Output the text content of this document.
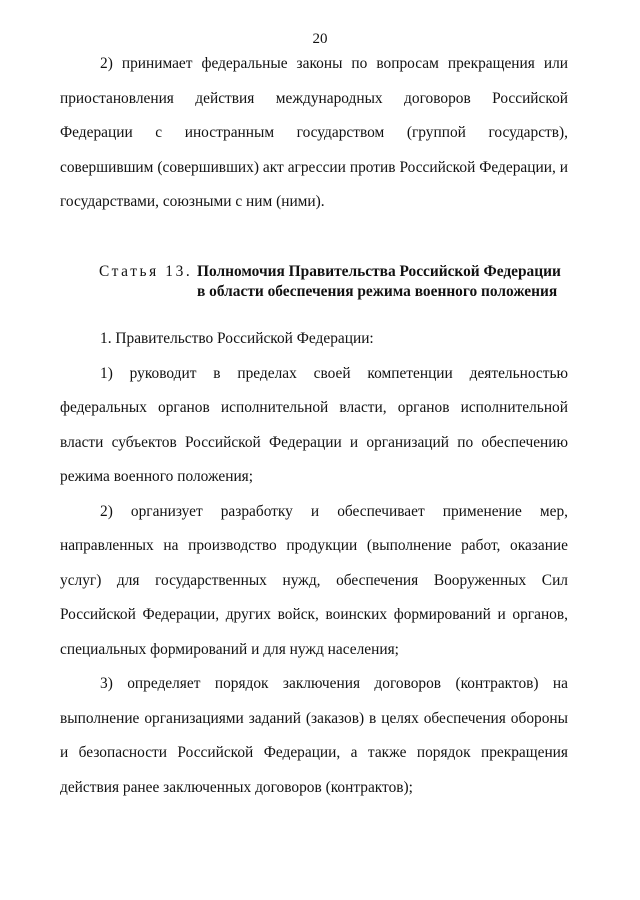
20

2) принимает федеральные законы по вопросам прекращения или приостановления действия международных договоров Российской Федерации с иностранным государством (группой государств), совершившим (совершивших) акт агрессии против Российской Федерации, и государствами, союзными с ним (ними).

Статья 13. Полномочия Правительства Российской Федерации
в области обеспечения режима военного положения

1. Правительство Российской Федерации:

1) руководит в пределах своей компетенции деятельностью федеральных органов исполнительной власти, органов исполнительной власти субъектов Российской Федерации и организаций по обеспечению режима военного положения;

2) организует разработку и обеспечивает применение мер, направленных на производство продукции (выполнение работ, оказание услуг) для государственных нужд, обеспечения Вооруженных Сил Российской Федерации, других войск, воинских формирований и органов, специальных формирований и для нужд населения;

3) определяет порядок заключения договоров (контрактов) на выполнение организациями заданий (заказов) в целях обеспечения обороны и безопасности Российской Федерации, а также порядок прекращения действия ранее заключенных договоров (контрактов);
